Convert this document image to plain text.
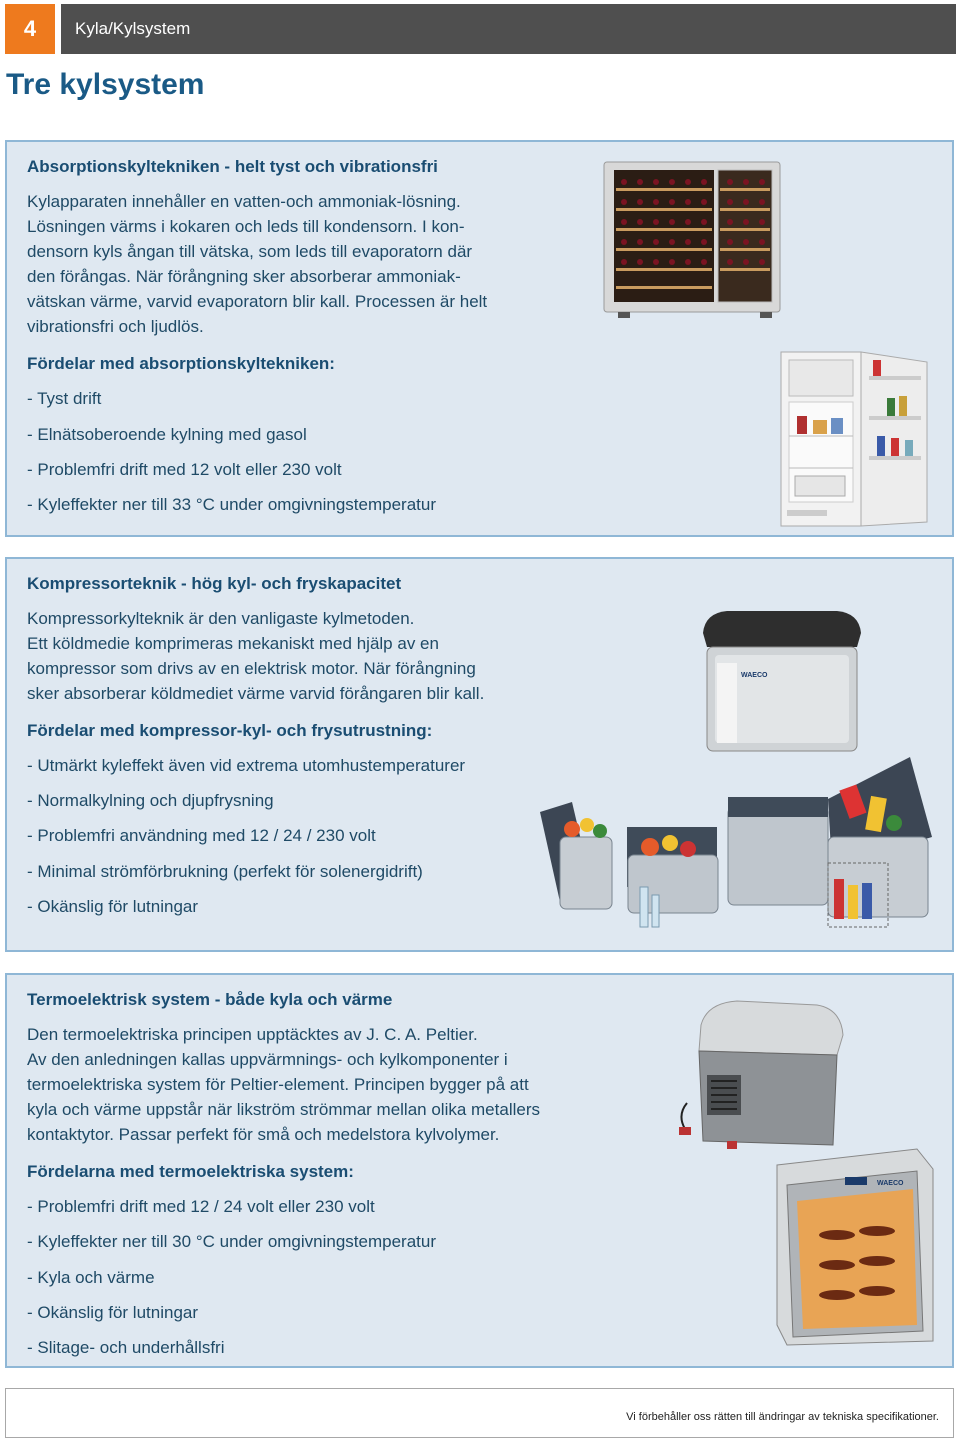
4	Kyla/Kylsystem
Tre kylsystem

Absorptionskyltekniken - helt tyst och vibrationsfri

Kylapparaten innehåller en vatten-och ammoniak-lösning.

Lösningen värms i kokaren och leds till kondensorn. I kon-

densorn kyls ångan till vätska, som leds till evaporatorn där

den förångas. När förångning sker absorberar ammoniak-

vätskan värme, varvid evaporatorn blir kall. Processen är helt

vibrationsfri och ljudlös.

Fördelar med absorptionskyltekniken:

- Tyst drift

- Elnätsoberoende kylning med gasol

- Problemfri drift med 12 volt eller 230 volt

- Kyleffekter ner till 33 °C under omgivningstemperatur

Kompressorteknik - hög kyl- och fryskapacitet

Kompressorkylteknik är den vanligaste kylmetoden.

Ett köldmedie komprimeras mekaniskt med hjälp av en

kompressor som drivs av en elektrisk motor. När förångning

sker absorberar köldmediet värme varvid förångaren blir kall.

Fördelar med kompressor-kyl- och frysutrustning:

- Utmärkt kyleffekt även vid extrema utomhustemperaturer

- Normalkylning och djupfrysning

- Problemfri användning med 12 / 24 / 230 volt

- Minimal strömförbrukning (perfekt för solenergidrift)

- Okänslig för lutningar

WAECO

Termoelektrisk system - både kyla och värme

Den termoelektriska principen upptäcktes av J. C. A. Peltier.

Av den anledningen kallas uppvärmnings- och kylkomponenter i

termoelektriska system för Peltier-element. Principen bygger på att

kyla och värme uppstår när likström strömmar mellan olika metallers

kontaktytor. Passar perfekt för små och medelstora kylvolymer.

Fördelarna med termoelektriska system:

- Problemfri drift med 12 / 24 volt eller 230 volt

- Kyleffekter ner till 30 °C under omgivningstemperatur

- Kyla och värme

- Okänslig för lutningar

- Slitage- och underhållsfri

WAECO
Vi förbehåller oss rätten till ändringar av tekniska specifikationer.
